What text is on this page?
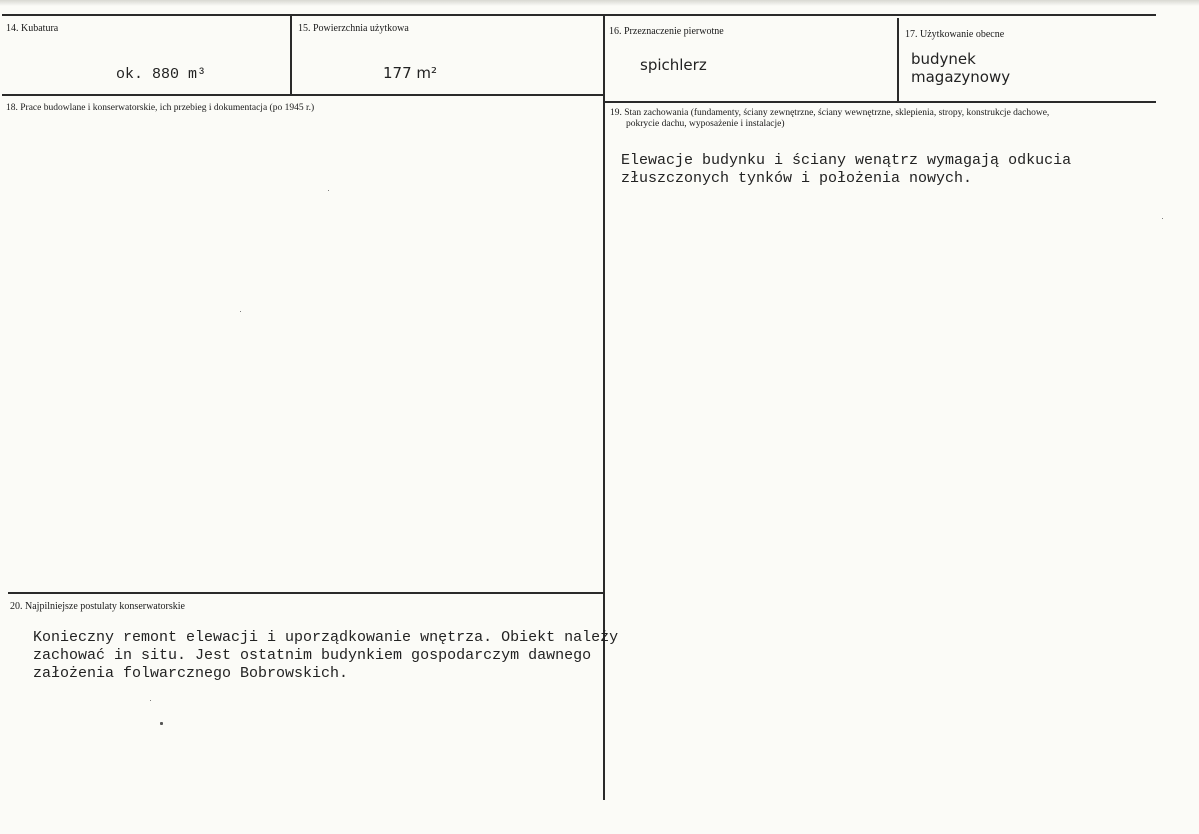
14. Kubatura
ok. 880 m³
15. Powierzchnia użytkowa
177 m²
16. Przeznaczenie pierwotne
spichlerz
17. Użytkowanie obecne
budynek
magazynowy
18. Prace budowlane i konserwatorskie, ich przebieg i dokumentacja (po 1945 r.)	19. Stan zachowania (fundamenty, ściany zewnętrzne, ściany wewnętrzne, sklepienia, stropy, konstrukcje dachowe,
pokrycie dachu, wyposażenie i instalacje)
Elewacje budynku i ściany wenątrz wymagają odkucia
złuszczonych tynków i położenia nowych.
20. Najpilniejsze postulaty konserwatorskie
Konieczny remont elewacji i uporządkowanie wnętrza. Obiekt należy
zachować in situ. Jest ostatnim budynkiem gospodarczym dawnego
założenia folwarcznego Bobrowskich.
